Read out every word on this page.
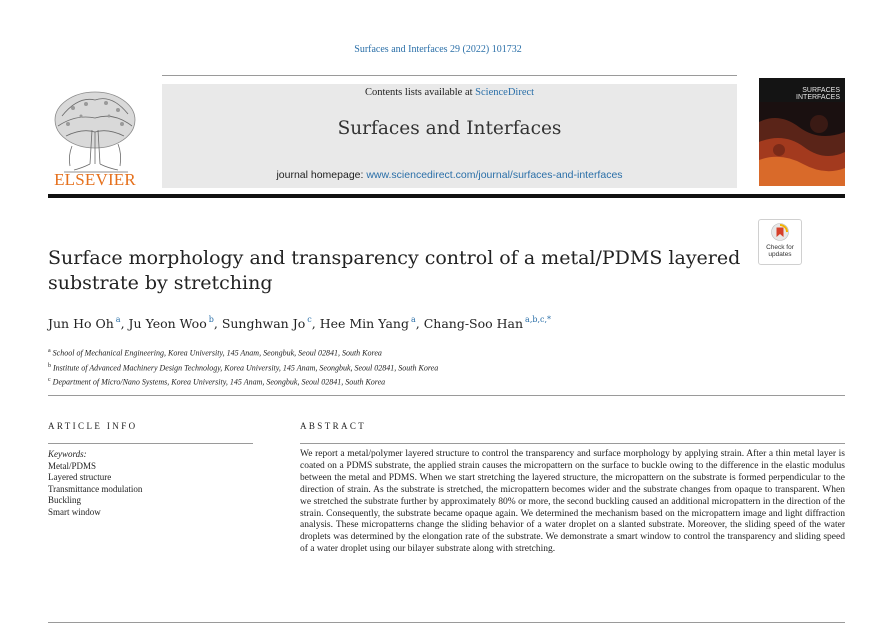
Surfaces and Interfaces 29 (2022) 101732
ELSEVIER
Contents lists available at ScienceDirect
Surfaces and Interfaces
journal homepage: www.sciencedirect.com/journal/surfaces-and-interfaces
SURFACES
INTERFACES
Check for
updates
Surface morphology and transparency control of a metal/PDMS layered substrate by stretching
Jun Ho Oh $^a$, Ju Yeon Woo $^b$, Sunghwan Jo $^c$, Hee Min Yang $^a$, Chang-Soo Han $^{a,b,c,*}$
$^a$ School of Mechanical Engineering, Korea University, 145 Anam, Seongbuk, Seoul 02841, South Korea
$^b$ Institute of Advanced Machinery Design Technology, Korea University, 145 Anam, Seongbuk, Seoul 02841, South Korea
$^c$ Department of Micro/Nano Systems, Korea University, 145 Anam, Seongbuk, Seoul 02841, South Korea
ARTICLE INFO
Keywords:
Metal/PDMS
Layered structure
Transmittance modulation
Buckling
Smart window
ABSTRACT
We report a metal/polymer layered structure to control the transparency and surface morphology by applying strain. After a thin metal layer is coated on a PDMS substrate, the applied strain causes the micropattern on the surface to buckle owing to the difference in the elastic modulus between the metal and PDMS. When we start stretching the layered structure, the micropattern on the substrate is formed perpendicular to the direction of strain. As the substrate is stretched, the micropattern becomes wider and the substrate changes from opaque to transparent. When we stretched the substrate further by approximately 80% or more, the second buckling caused an additional micropattern in the direction of the strain. Consequently, the substrate became opaque again. We determined the mechanism based on the micropattern image and light diffraction analysis. These micropatterns change the sliding behavior of a water droplet on a slanted substrate. Moreover, the sliding speed of the water droplets was determined by the elongation rate of the substrate. We demonstrate a smart window to control the transparency and sliding speed of a water droplet using our bilayer substrate along with stretching.
